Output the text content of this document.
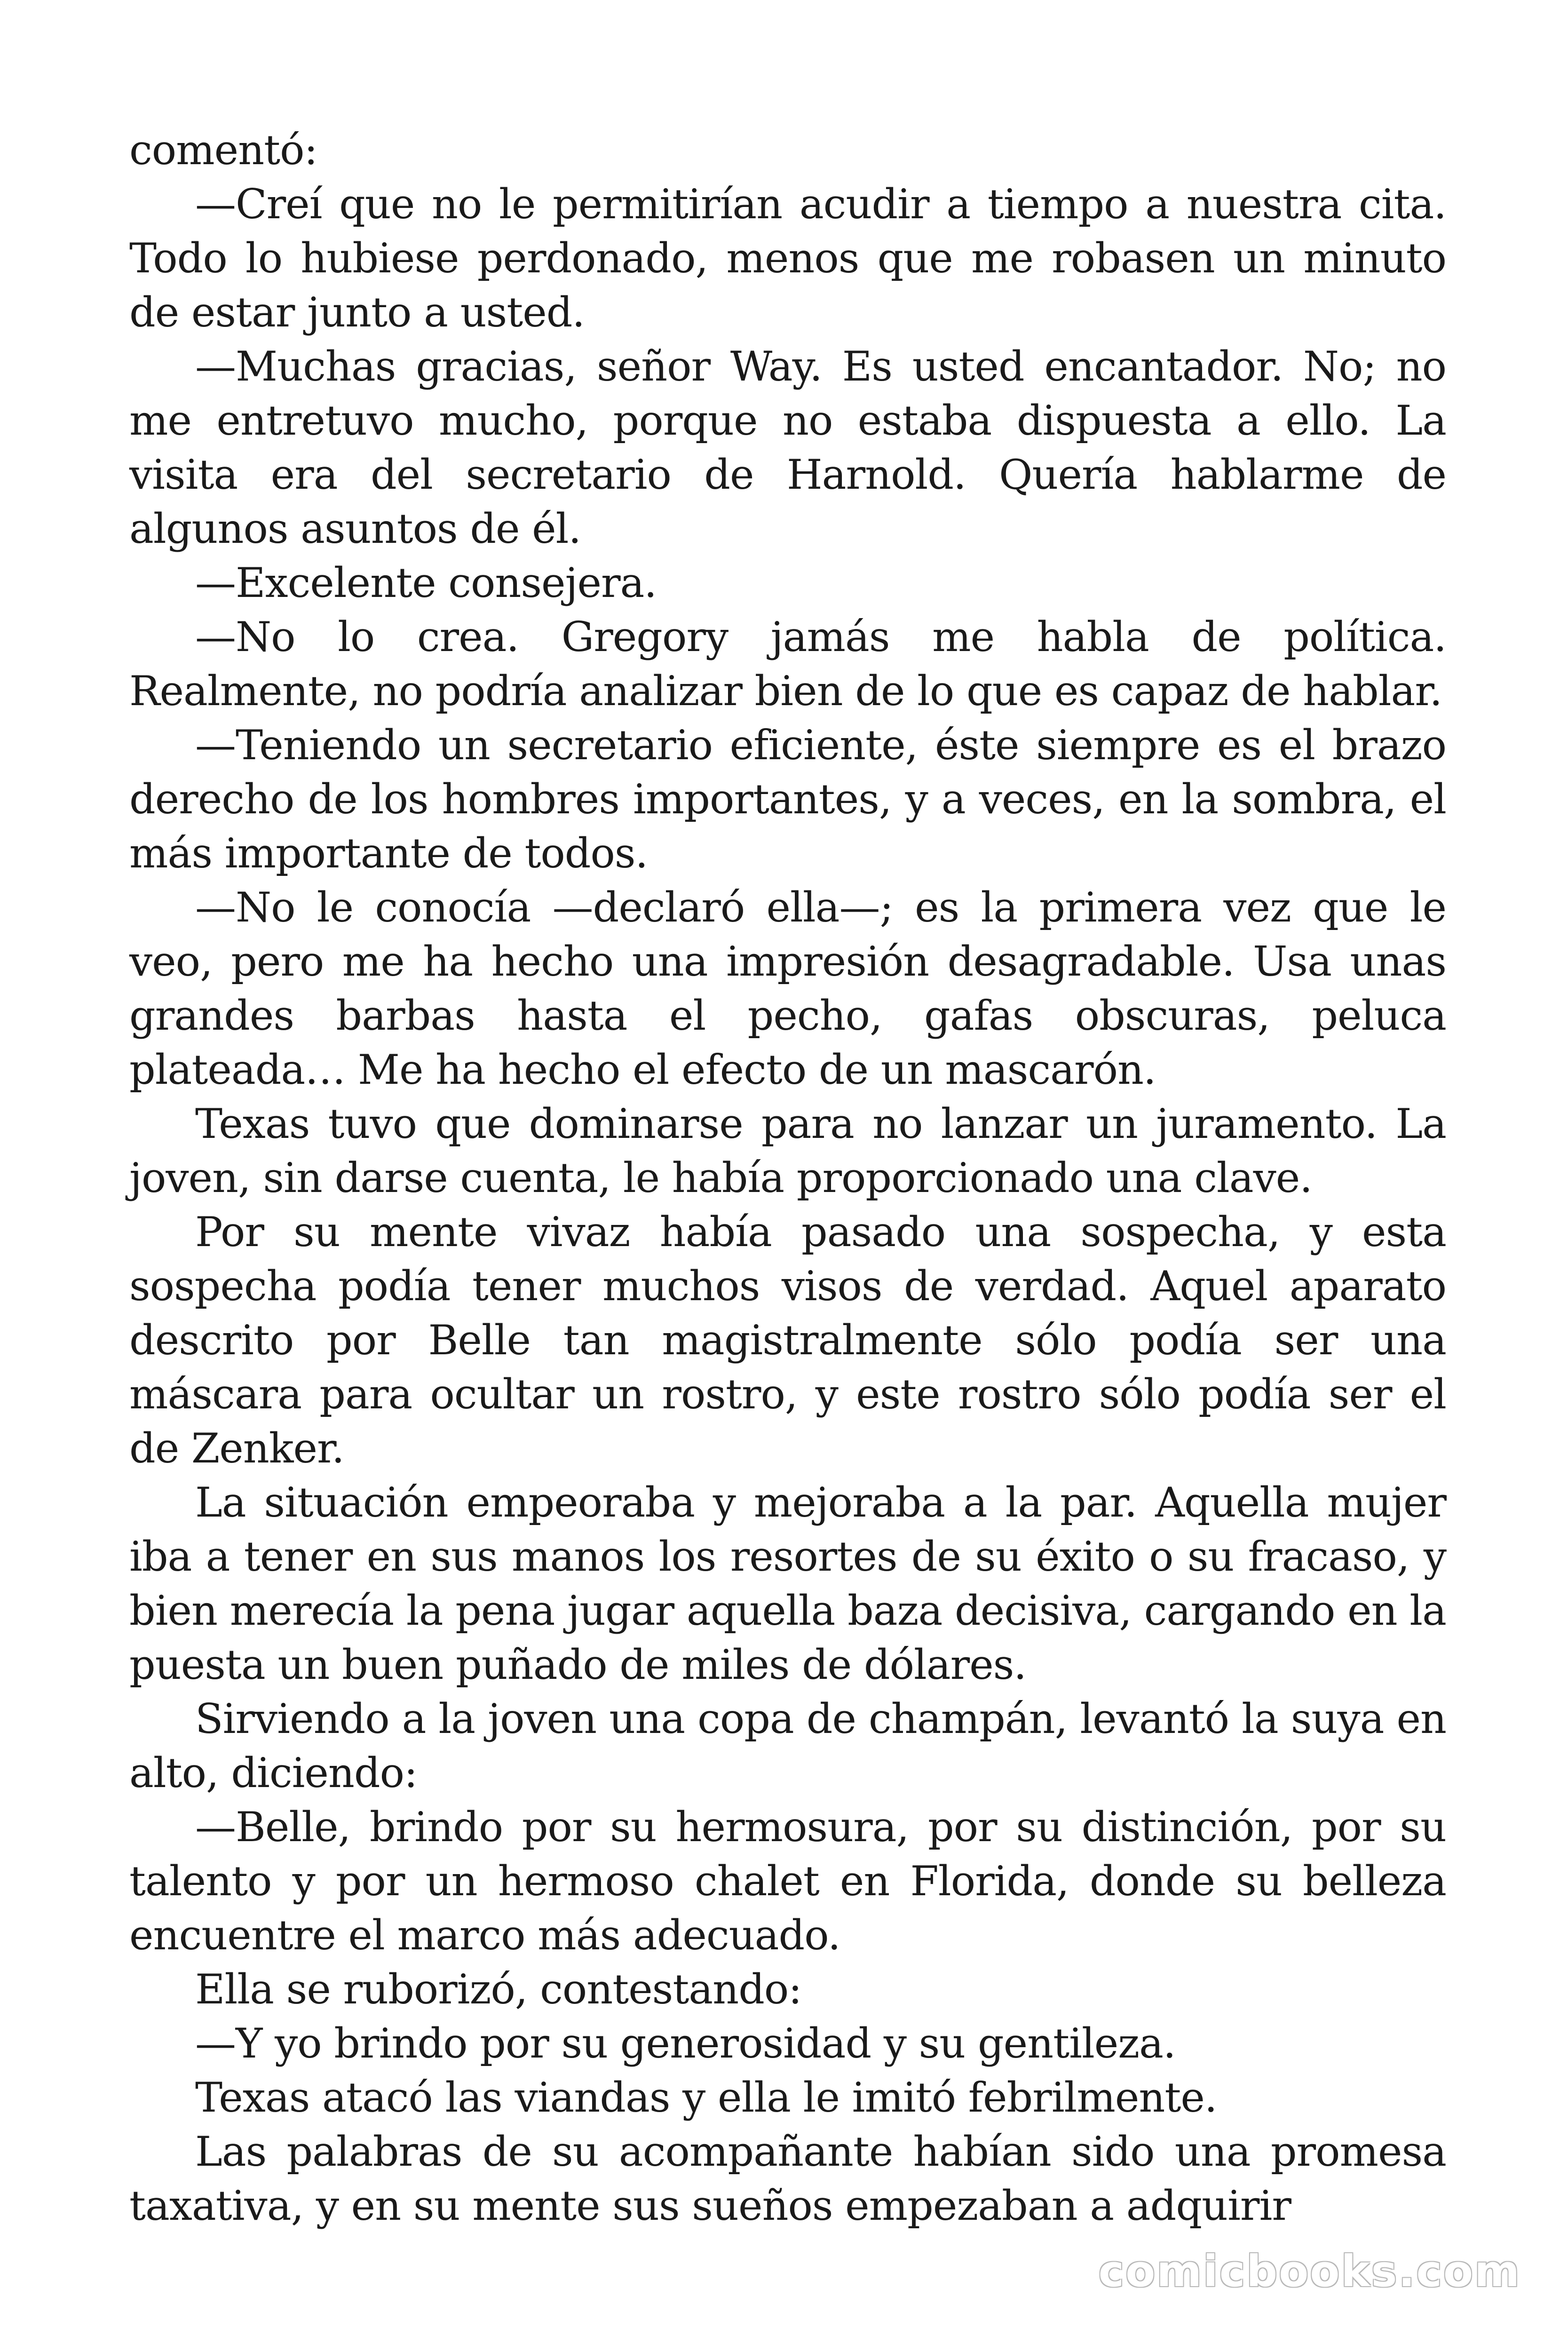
comentó:

—Creí que no le permitirían acudir a tiempo a nuestra cita. Todo lo hubiese perdonado, menos que me robasen un minuto de estar junto a usted.

—Muchas gracias, señor Way. Es usted encantador. No; no me entretuvo mucho, porque no estaba dispuesta a ello. La visita era del secretario de Harnold. Quería hablarme de algunos asuntos de él.

—Excelente consejera.

—No lo crea. Gregory jamás me habla de política. Realmente, no podría analizar bien de lo que es capaz de hablar.

—Teniendo un secretario eficiente, éste siempre es el brazo derecho de los hombres importantes, y a veces, en la sombra, el más importante de todos.

—No le conocía —declaró ella—; es la primera vez que le veo, pero me ha hecho una impresión desagradable. Usa unas grandes barbas hasta el pecho, gafas obscuras, peluca plateada… Me ha hecho el efecto de un mascarón.

Texas tuvo que dominarse para no lanzar un juramento. La joven, sin darse cuenta, le había proporcionado una clave.

Por su mente vivaz había pasado una sospecha, y esta sospecha podía tener muchos visos de verdad. Aquel aparato descrito por Belle tan magistralmente sólo podía ser una máscara para ocultar un rostro, y este rostro sólo podía ser el de Zenker.

La situación empeoraba y mejoraba a la par. Aquella mujer iba a tener en sus manos los resortes de su éxito o su fracaso, y bien merecía la pena jugar aquella baza decisiva, cargando en la puesta un buen puñado de miles de dólares.

Sirviendo a la joven una copa de champán, levantó la suya en alto, diciendo:

—Belle, brindo por su hermosura, por su distinción, por su talento y por un hermoso chalet en Florida, donde su belleza encuentre el marco más adecuado.

Ella se ruborizó, contestando:

—Y yo brindo por su generosidad y su gentileza.

Texas atacó las viandas y ella le imitó febrilmente.

Las palabras de su acompañante habían sido una promesa taxativa, y en su mente sus sueños empezaban a adquirir

comicbooks.com
